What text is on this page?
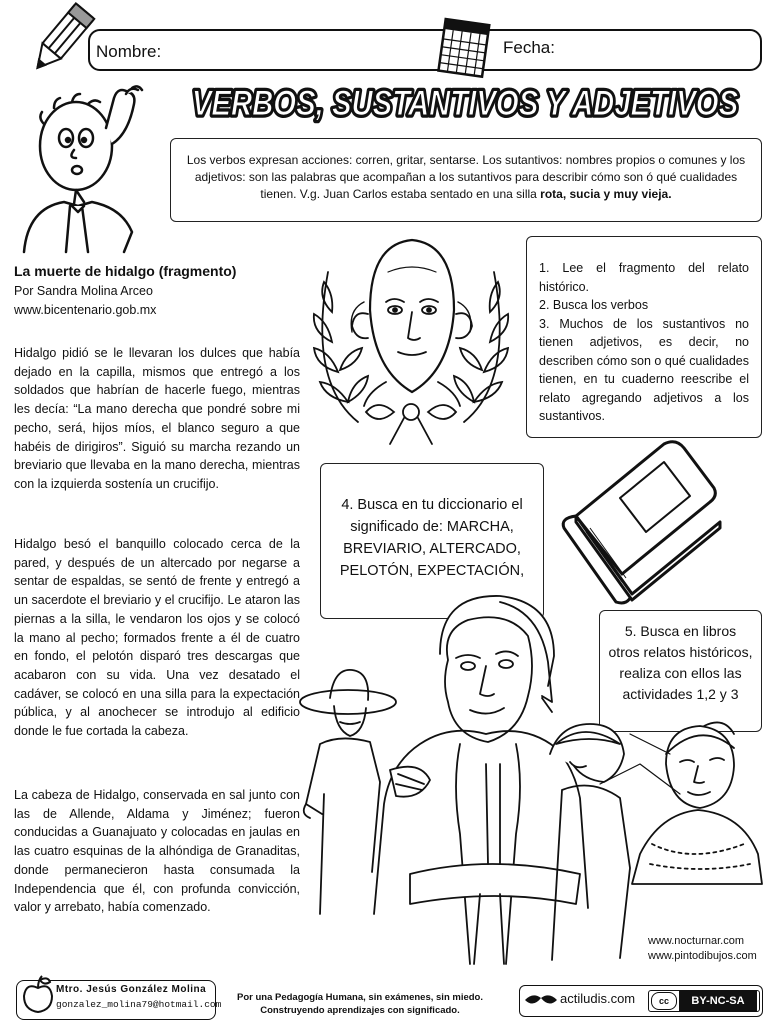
Nombre:	Fecha:
VERBOS, SUSTANTIVOS Y ADJETIVOS
VERBOS, SUSTANTIVOS Y ADJETIVOS
Los verbos expresan acciones: corren, gritar, sentarse. Los sutantivos: nombres propios o comunes y los adjetivos: son las palabras que acompañan a los sutantivos para describir cómo son ó qué cualidades tienen. V.g. Juan Carlos estaba sentado en una silla rota, sucia y muy vieja.
La muerte de hidalgo (fragmento)
Por Sandra Molina Arceo
www.bicentenario.gob.mx

Hidalgo pidió se le llevaran los dulces que había dejado en la capilla, mismos que entregó a los soldados que habrían de hacerle fuego, mientras les decía: “La mano derecha que pondré sobre mi pecho, será, hijos míos, el blanco seguro a que habéis de dirigiros”. Siguió su marcha rezando un breviario que llevaba en la mano derecha, mientras con la izquierda sostenía un crucifijo.

Hidalgo besó el banquillo colocado cerca de la pared, y después de un altercado por negarse a sentar de espaldas, se sentó de frente y entregó a un sacerdote el breviario y el crucifijo. Le ataron las piernas a la silla, le vendaron los ojos y se colocó la mano al pecho; formados frente a él de cuatro en fondo, el pelotón disparó tres descargas que acabaron con su vida. Una vez desatado el cadáver, se colocó en una silla para la expectación pública, y al anochecer se introdujo al edificio donde le fue cortada la cabeza.

La cabeza de Hidalgo, conservada en sal junto con las de Allende, Aldama y Jiménez; fueron conducidas a Guanajuato y colocadas en jaulas en las cuatro esquinas de la alhóndiga de Granaditas, donde permanecieron hasta consumada la Independencia que él, con profunda convicción, valor y arrebato, había comenzado.

1. Lee el fragmento del relato histórico.
2. Busca los verbos
3. Muchos de los sustantivos no tienen adjetivos, es decir, no describen cómo son o qué cualidades tienen, en tu cuaderno reescribe el relato agregando adjetivos a los sustantivos.
4. Busca en tu diccionario el significado de: MARCHA, BREVIARIO, ALTERCADO, PELOTÓN, EXPECTACIÓN,
5. Busca en libros otros relatos históricos, realiza con ellos las actividades 1,2 y 3
www.nocturnar.com
www.pintodibujos.com
Mtro. Jesús González Molina
gonzalez_molina79@hotmail.com
Por una Pedagogía Humana, sin exámenes, sin miedo.
Construyendo aprendizajes con significado.
actiludis.com	cc	BY-NC-SA
